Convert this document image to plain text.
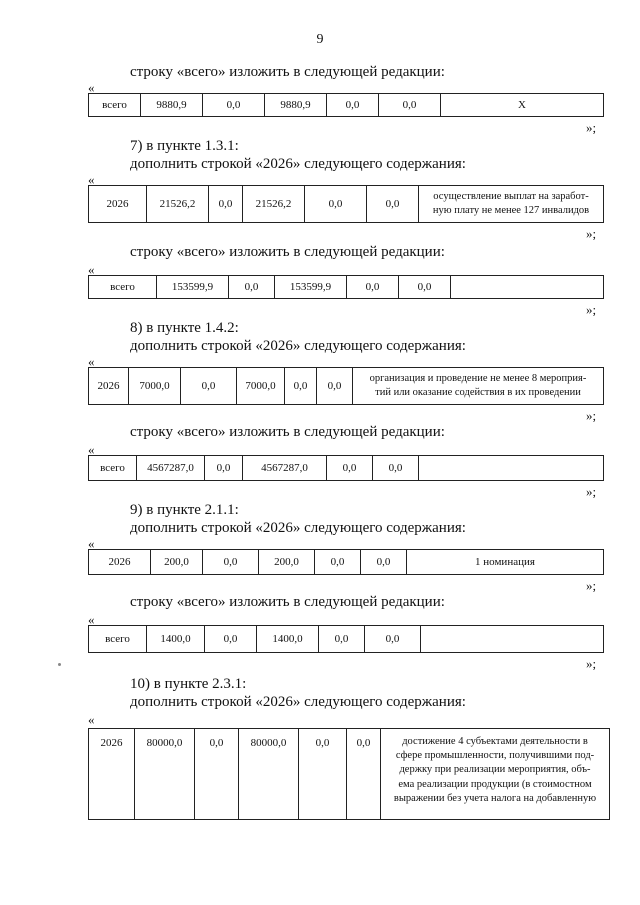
9
строку «всего» изложить в следующей редакции:
«
всего	9880,9	0,0	9880,9	0,0	0,0	X
»;
7) в пункте 1.3.1:
дополнить строкой «2026» следующего содержания:
«
2026	21526,2	0,0	21526,2	0,0	0,0	осуществление выплат на заработ-
ную плату не менее 127 инвалидов
»;
строку «всего» изложить в следующей редакции:
«
всего	153599,9	0,0	153599,9	0,0	0,0	
»;
8) в пункте 1.4.2:
дополнить строкой «2026» следующего содержания:
«
2026	7000,0	0,0	7000,0	0,0	0,0	организация и проведение не менее 8 мероприя-
тий или оказание содействия в их проведении
»;
строку «всего» изложить в следующей редакции:
«
всего	4567287,0	0,0	4567287,0	0,0	0,0	
»;
9) в пункте 2.1.1:
дополнить строкой «2026» следующего содержания:
«
2026	200,0	0,0	200,0	0,0	0,0	1 номинация
»;
строку «всего» изложить в следующей редакции:
«
всего	1400,0	0,0	1400,0	0,0	0,0	
»;
10) в пункте 2.3.1:
дополнить строкой «2026» следующего содержания:
«
2026	80000,0	0,0	80000,0	0,0	0,0	достижение 4 субъектами деятельности в
сфере промышленности, получившими под-
держку при реализации мероприятия, объ-
ема реализации продукции (в стоимостном
выражении без учета налога на добавленную
